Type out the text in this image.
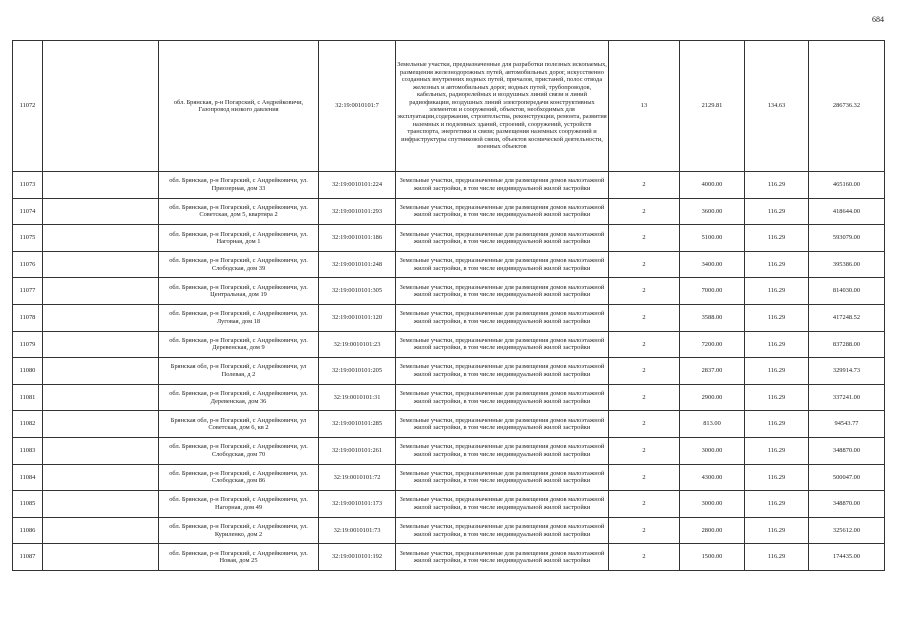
684
11072		обл. Брянская, р-н Погарский, с Андрейковичи, Газопровод низкого давления	32:19:0010101:7	Земельные участки, предназначенные для разработки полезных ископаемых, размещения железнодорожных путей, автомобильных дорог, искусственно созданных внутренних водных путей, причалов, пристаней, полос отвода железных и автомобильных дорог, водных путей, трубопроводов, кабельных, радиорелейных и воздушных линий связи и линий радиофикации, воздушных линий электропередачи конструктивных элементов и сооружений, объектов, необходимых для эксплуатации,содержания, строительства, реконструкции, ремонта, развития наземных и подземных зданий, строений, сооружений, устройств транспорта, энергетики и связи; размещения наземных сооружений и инфраструктуры спутниковой связи, объектов космической деятельности, военных объектов	13	2129.81	134.63	286736.32
11073		обл. Брянская, р-н Погарский, с Андрейковичи, ул. Приозерная, дом 33	32:19:0010101:224	Земельные участки, предназначенные для размещения домов малоэтажной жилой застройки, в том числе индивидуальной жилой застройки	2	4000.00	116.29	465160.00
11074		обл. Брянская, р-н Погарский, с Андрейковичи, ул. Советская, дом 5, квартира 2	32:19:0010101:293	Земельные участки, предназначенные для размещения домов малоэтажной жилой застройки, в том числе индивидуальной жилой застройки	2	3600.00	116.29	418644.00
11075		обл. Брянская, р-н Погарский, с Андрейковичи, ул. Нагорная, дом 1	32:19:0010101:186	Земельные участки, предназначенные для размещения домов малоэтажной жилой застройки, в том числе индивидуальной жилой застройки	2	5100.00	116.29	593079.00
11076		обл. Брянская, р-н Погарский, с Андрейковичи, ул. Слободская, дом 39	32:19:0010101:248	Земельные участки, предназначенные для размещения домов малоэтажной жилой застройки, в том числе индивидуальной жилой застройки	2	3400.00	116.29	395386.00
11077		обл. Брянская, р-н Погарский, с Андрейковичи, ул. Центральная, дом 19	32:19:0010101:305	Земельные участки, предназначенные для размещения домов малоэтажной жилой застройки, в том числе индивидуальной жилой застройки	2	7000.00	116.29	814030.00
11078		обл. Брянская, р-н Погарский, с Андрейковичи, ул. Луговая, дом 18	32:19:0010101:120	Земельные участки, предназначенные для размещения домов малоэтажной жилой застройки, в том числе индивидуальной жилой застройки	2	3588.00	116.29	417248.52
11079		обл. Брянская, р-н Погарский, с Андрейковичи, ул. Деревенская, дом 9	32:19:0010101:23	Земельные участки, предназначенные для размещения домов малоэтажной жилой застройки, в том числе индивидуальной жилой застройки	2	7200.00	116.29	837288.00
11080		Брянская обл, р-н Погарский, с Андрейковичи, ул Полевая, д 2	32:19:0010101:205	Земельные участки, предназначенные для размещения домов малоэтажной жилой застройки, в том числе индивидуальной жилой застройки	2	2837.00	116.29	329914.73
11081		обл. Брянская, р-н Погарский, с Андрейковичи, ул. Деревенская, дом 36	32:19:0010101:31	Земельные участки, предназначенные для размещения домов малоэтажной жилой застройки, в том числе индивидуальной жилой застройки	2	2900.00	116.29	337241.00
11082		Брянская обл, р-н Погарский, с Андрейковичи, ул Советская, дом 6, кв 2	32:19:0010101:285	Земельные участки, предназначенные для размещения домов малоэтажной жилой застройки, в том числе индивидуальной жилой застройки	2	813.00	116.29	94543.77
11083		обл. Брянская, р-н Погарский, с Андрейковичи, ул. Слободская, дом 70	32:19:0010101:261	Земельные участки, предназначенные для размещения домов малоэтажной жилой застройки, в том числе индивидуальной жилой застройки	2	3000.00	116.29	348870.00
11084		обл. Брянская, р-н Погарский, с Андрейковичи, ул. Слободская, дом 86	32:19:0010101:72	Земельные участки, предназначенные для размещения домов малоэтажной жилой застройки, в том числе индивидуальной жилой застройки	2	4300.00	116.29	500047.00
11085		обл. Брянская, р-н Погарский, с Андрейковичи, ул. Нагорная, дом 49	32:19:0010101:173	Земельные участки, предназначенные для размещения домов малоэтажной жилой застройки, в том числе индивидуальной жилой застройки	2	3000.00	116.29	348870.00
11086		обл. Брянская, р-н Погарский, с Андрейковичи, ул. Куриленко, дом 2	32:19:0010101:73	Земельные участки, предназначенные для размещения домов малоэтажной жилой застройки, в том числе индивидуальной жилой застройки	2	2800.00	116.29	325612.00
11087		обл. Брянская, р-н Погарский, с Андрейковичи, ул. Новая, дом 25	32:19:0010101:192	Земельные участки, предназначенные для размещения домов малоэтажной жилой застройки, в том числе индивидуальной жилой застройки	2	1500.00	116.29	174435.00
